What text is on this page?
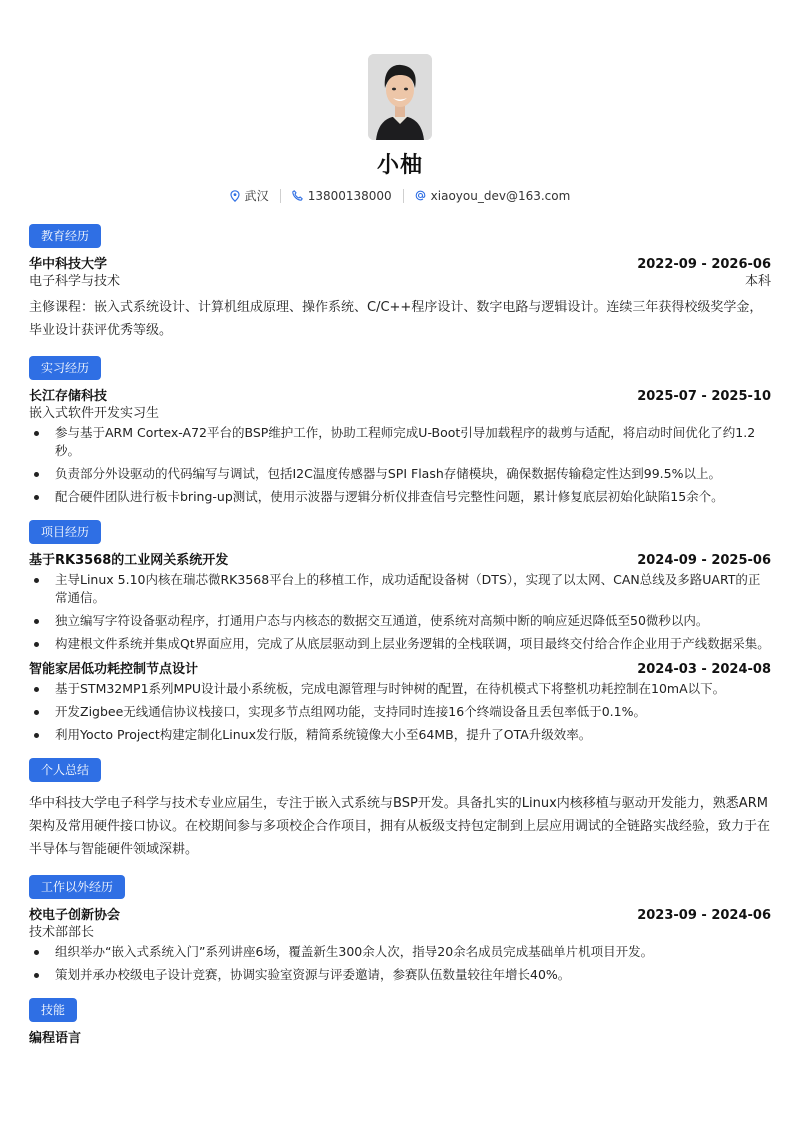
小柚
武汉	13800138000	xiaoyou_dev@163.com
教育经历
华中科技大学	2022-09 - 2026-06
电子科学与技术	本科

主修课程：嵌入式系统设计、计算机组成原理、操作系统、C/C++程序设计、数字电路与逻辑设计。连续三年获得校级奖学金，毕业设计获评优秀等级。

实习经历
长江存储科技	2025-07 - 2025-10
嵌入式软件开发实习生
参与基于ARM Cortex-A72平台的BSP维护工作，协助工程师完成U-Boot引导加载程序的裁剪与适配，将启动时间优化了约1.2秒。
负责部分外设驱动的代码编写与调试，包括I2C温度传感器与SPI Flash存储模块，确保数据传输稳定性达到99.5%以上。
配合硬件团队进行板卡bring-up测试，使用示波器与逻辑分析仪排查信号完整性问题，累计修复底层初始化缺陷15余个。
项目经历
基于RK3568的工业网关系统开发	2024-09 - 2025-06
主导Linux 5.10内核在瑞芯微RK3568平台上的移植工作，成功适配设备树（DTS），实现了以太网、CAN总线及多路UART的正常通信。
独立编写字符设备驱动程序，打通用户态与内核态的数据交互通道，使系统对高频中断的响应延迟降低至50微秒以内。
构建根文件系统并集成Qt界面应用，完成了从底层驱动到上层业务逻辑的全栈联调，项目最终交付给合作企业用于产线数据采集。
智能家居低功耗控制节点设计	2024-03 - 2024-08
基于STM32MP1系列MPU设计最小系统板，完成电源管理与时钟树的配置，在待机模式下将整机功耗控制在10mA以下。
开发Zigbee无线通信协议栈接口，实现多节点组网功能，支持同时连接16个终端设备且丢包率低于0.1%。
利用Yocto Project构建定制化Linux发行版，精简系统镜像大小至64MB，提升了OTA升级效率。
个人总结

华中科技大学电子科学与技术专业应届生，专注于嵌入式系统与BSP开发。具备扎实的Linux内核移植与驱动开发能力，熟悉ARM架构及常用硬件接口协议。在校期间参与多项校企合作项目，拥有从板级支持包定制到上层应用调试的全链路实战经验，致力于在半导体与智能硬件领域深耕。

工作以外经历
校电子创新协会	2023-09 - 2024-06
技术部部长
组织举办“嵌入式系统入门”系列讲座6场，覆盖新生300余人次，指导20余名成员完成基础单片机项目开发。
策划并承办校级电子设计竞赛，协调实验室资源与评委邀请，参赛队伍数量较往年增长40%。
技能
编程语言
